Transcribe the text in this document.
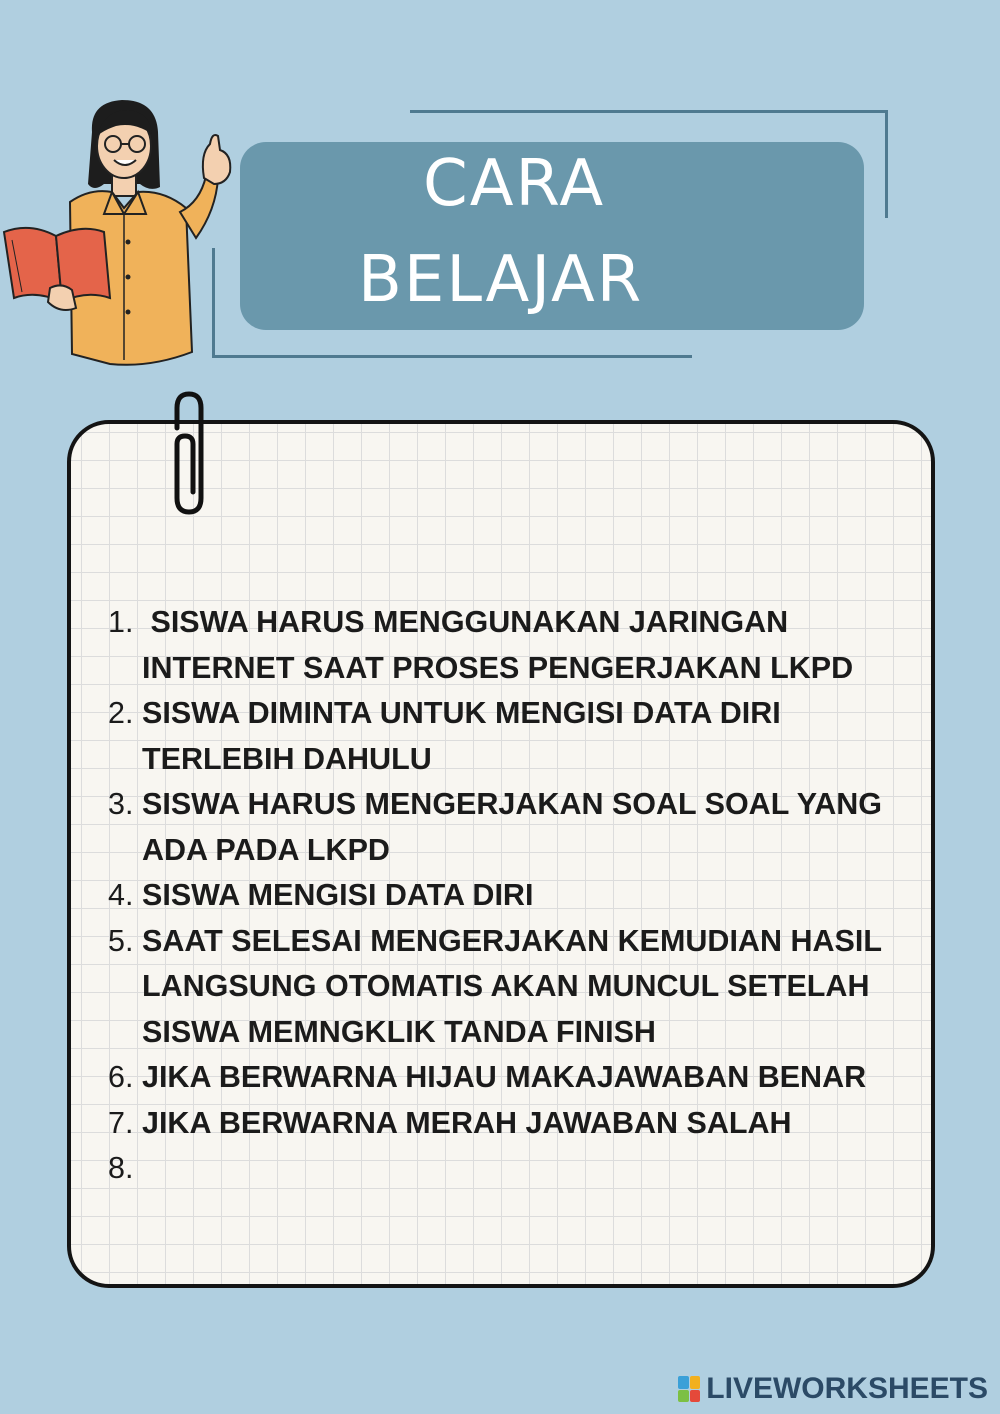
CARA
BELAJAR
1. SISWA HARUS MENGGUNAKAN JARINGAN INTERNET SAAT PROSES PENGERJAKAN LKPD
2. SISWA DIMINTA UNTUK MENGISI DATA DIRI TERLEBIH DAHULU
3. SISWA HARUS MENGERJAKAN SOAL SOAL YANG ADA PADA LKPD
4. SISWA MENGISI DATA DIRI
5. SAAT SELESAI MENGERJAKAN KEMUDIAN HASIL LANGSUNG OTOMATIS AKAN MUNCUL SETELAH SISWA MEMNGKLIK TANDA FINISH
6. JIKA BERWARNA HIJAU MAKAJAWABAN BENAR
7. JIKA BERWARNA MERAH JAWABAN SALAH
8.

LIVEWORKSHEETS
